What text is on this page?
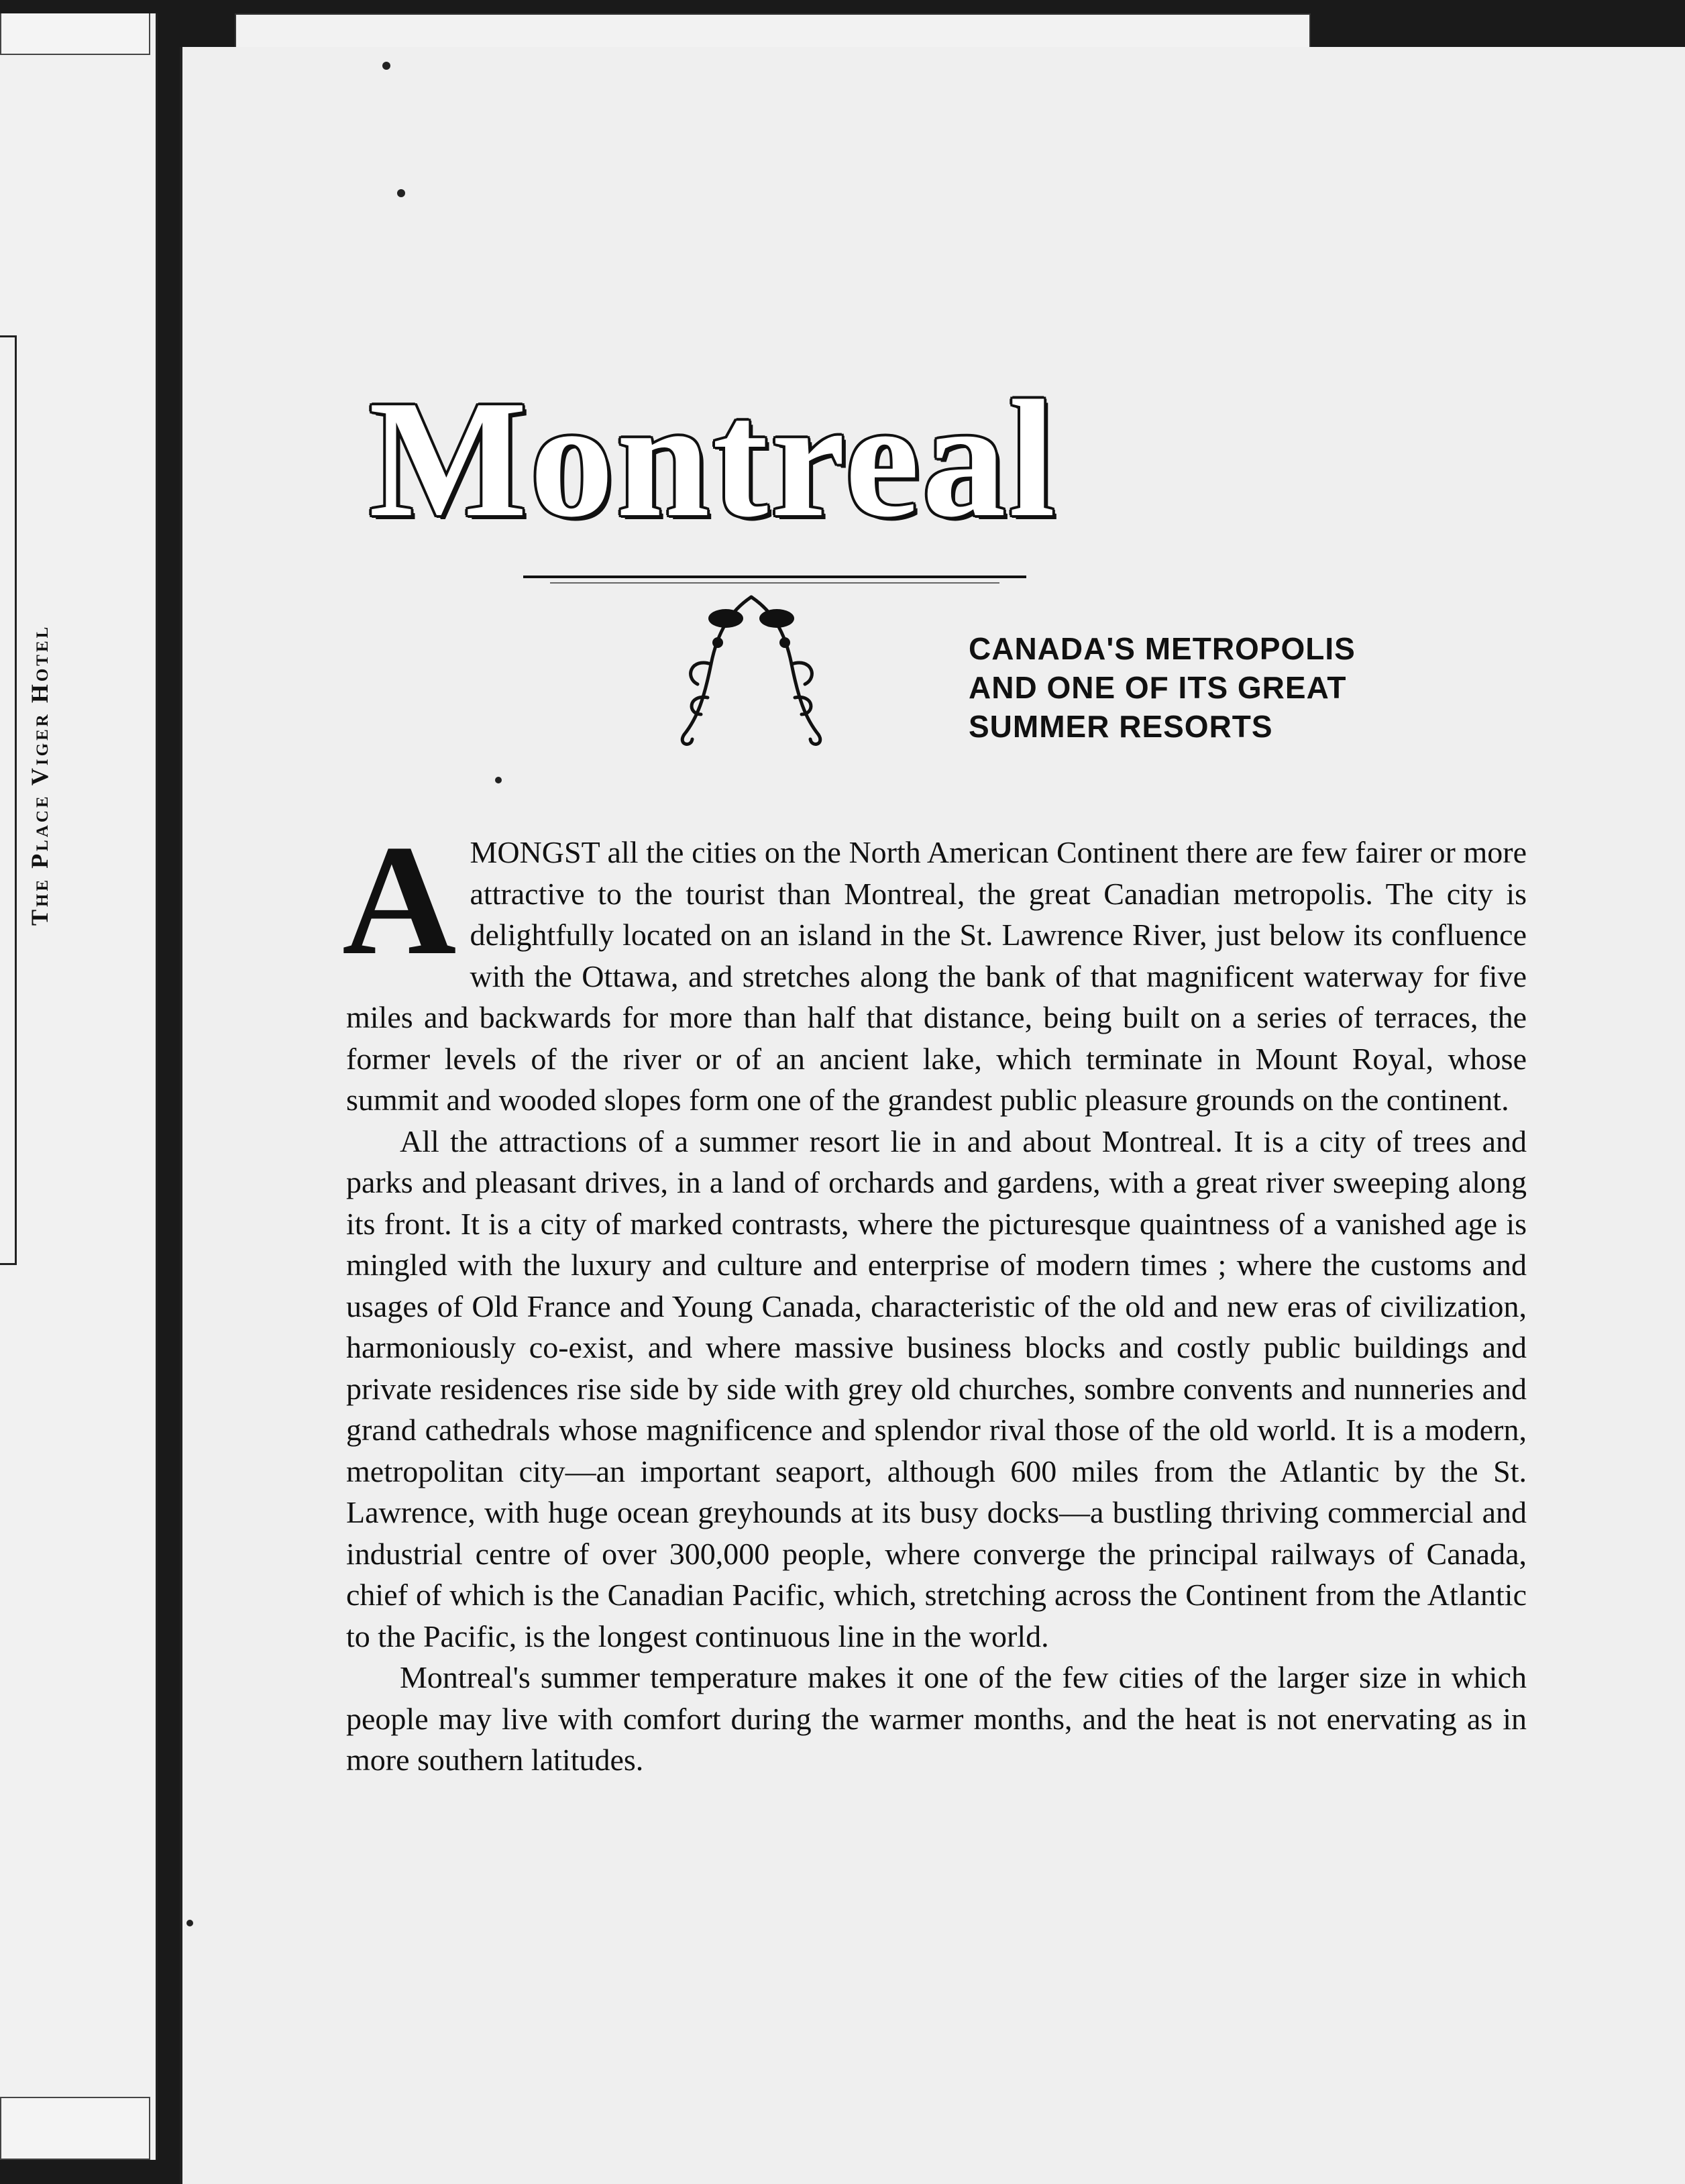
The Place Viger Hotel
Montreal
CANADA'S METROPOLIS
AND ONE OF ITS GREAT
SUMMER RESORTS

AMONGST all the cities on the North American Continent there are few fairer or more attractive to the tourist than Montreal, the great Canadian metropolis. The city is delightfully located on an island in the St. Lawrence River, just below its confluence with the Ottawa, and stretches along the bank of that magnificent waterway for five miles and backwards for more than half that distance, being built on a series of terraces, the former levels of the river or of an ancient lake, which terminate in Mount Royal, whose summit and wooded slopes form one of the grandest public pleasure grounds on the continent.

All the attractions of a summer resort lie in and about Montreal. It is a city of trees and parks and pleasant drives, in a land of orchards and gardens, with a great river sweeping along its front. It is a city of marked contrasts, where the picturesque quaintness of a vanished age is mingled with the luxury and culture and enterprise of modern times ; where the customs and usages of Old France and Young Canada, characteristic of the old and new eras of civilization, harmoniously co-exist, and where massive business blocks and costly public buildings and private residences rise side by side with grey old churches, sombre convents and nunneries and grand cathedrals whose magnificence and splendor rival those of the old world. It is a modern, metropolitan city—an important seaport, although 600 miles from the Atlantic by the St. Lawrence, with huge ocean greyhounds at its busy docks—a bustling thriving commercial and industrial centre of over 300,000 people, where converge the principal railways of Canada, chief of which is the Canadian Pacific, which, stretching across the Continent from the Atlantic to the Pacific, is the longest continuous line in the world.

Montreal's summer temperature makes it one of the few cities of the larger size in which people may live with comfort during the warmer months, and the heat is not enervating as in more southern latitudes.
